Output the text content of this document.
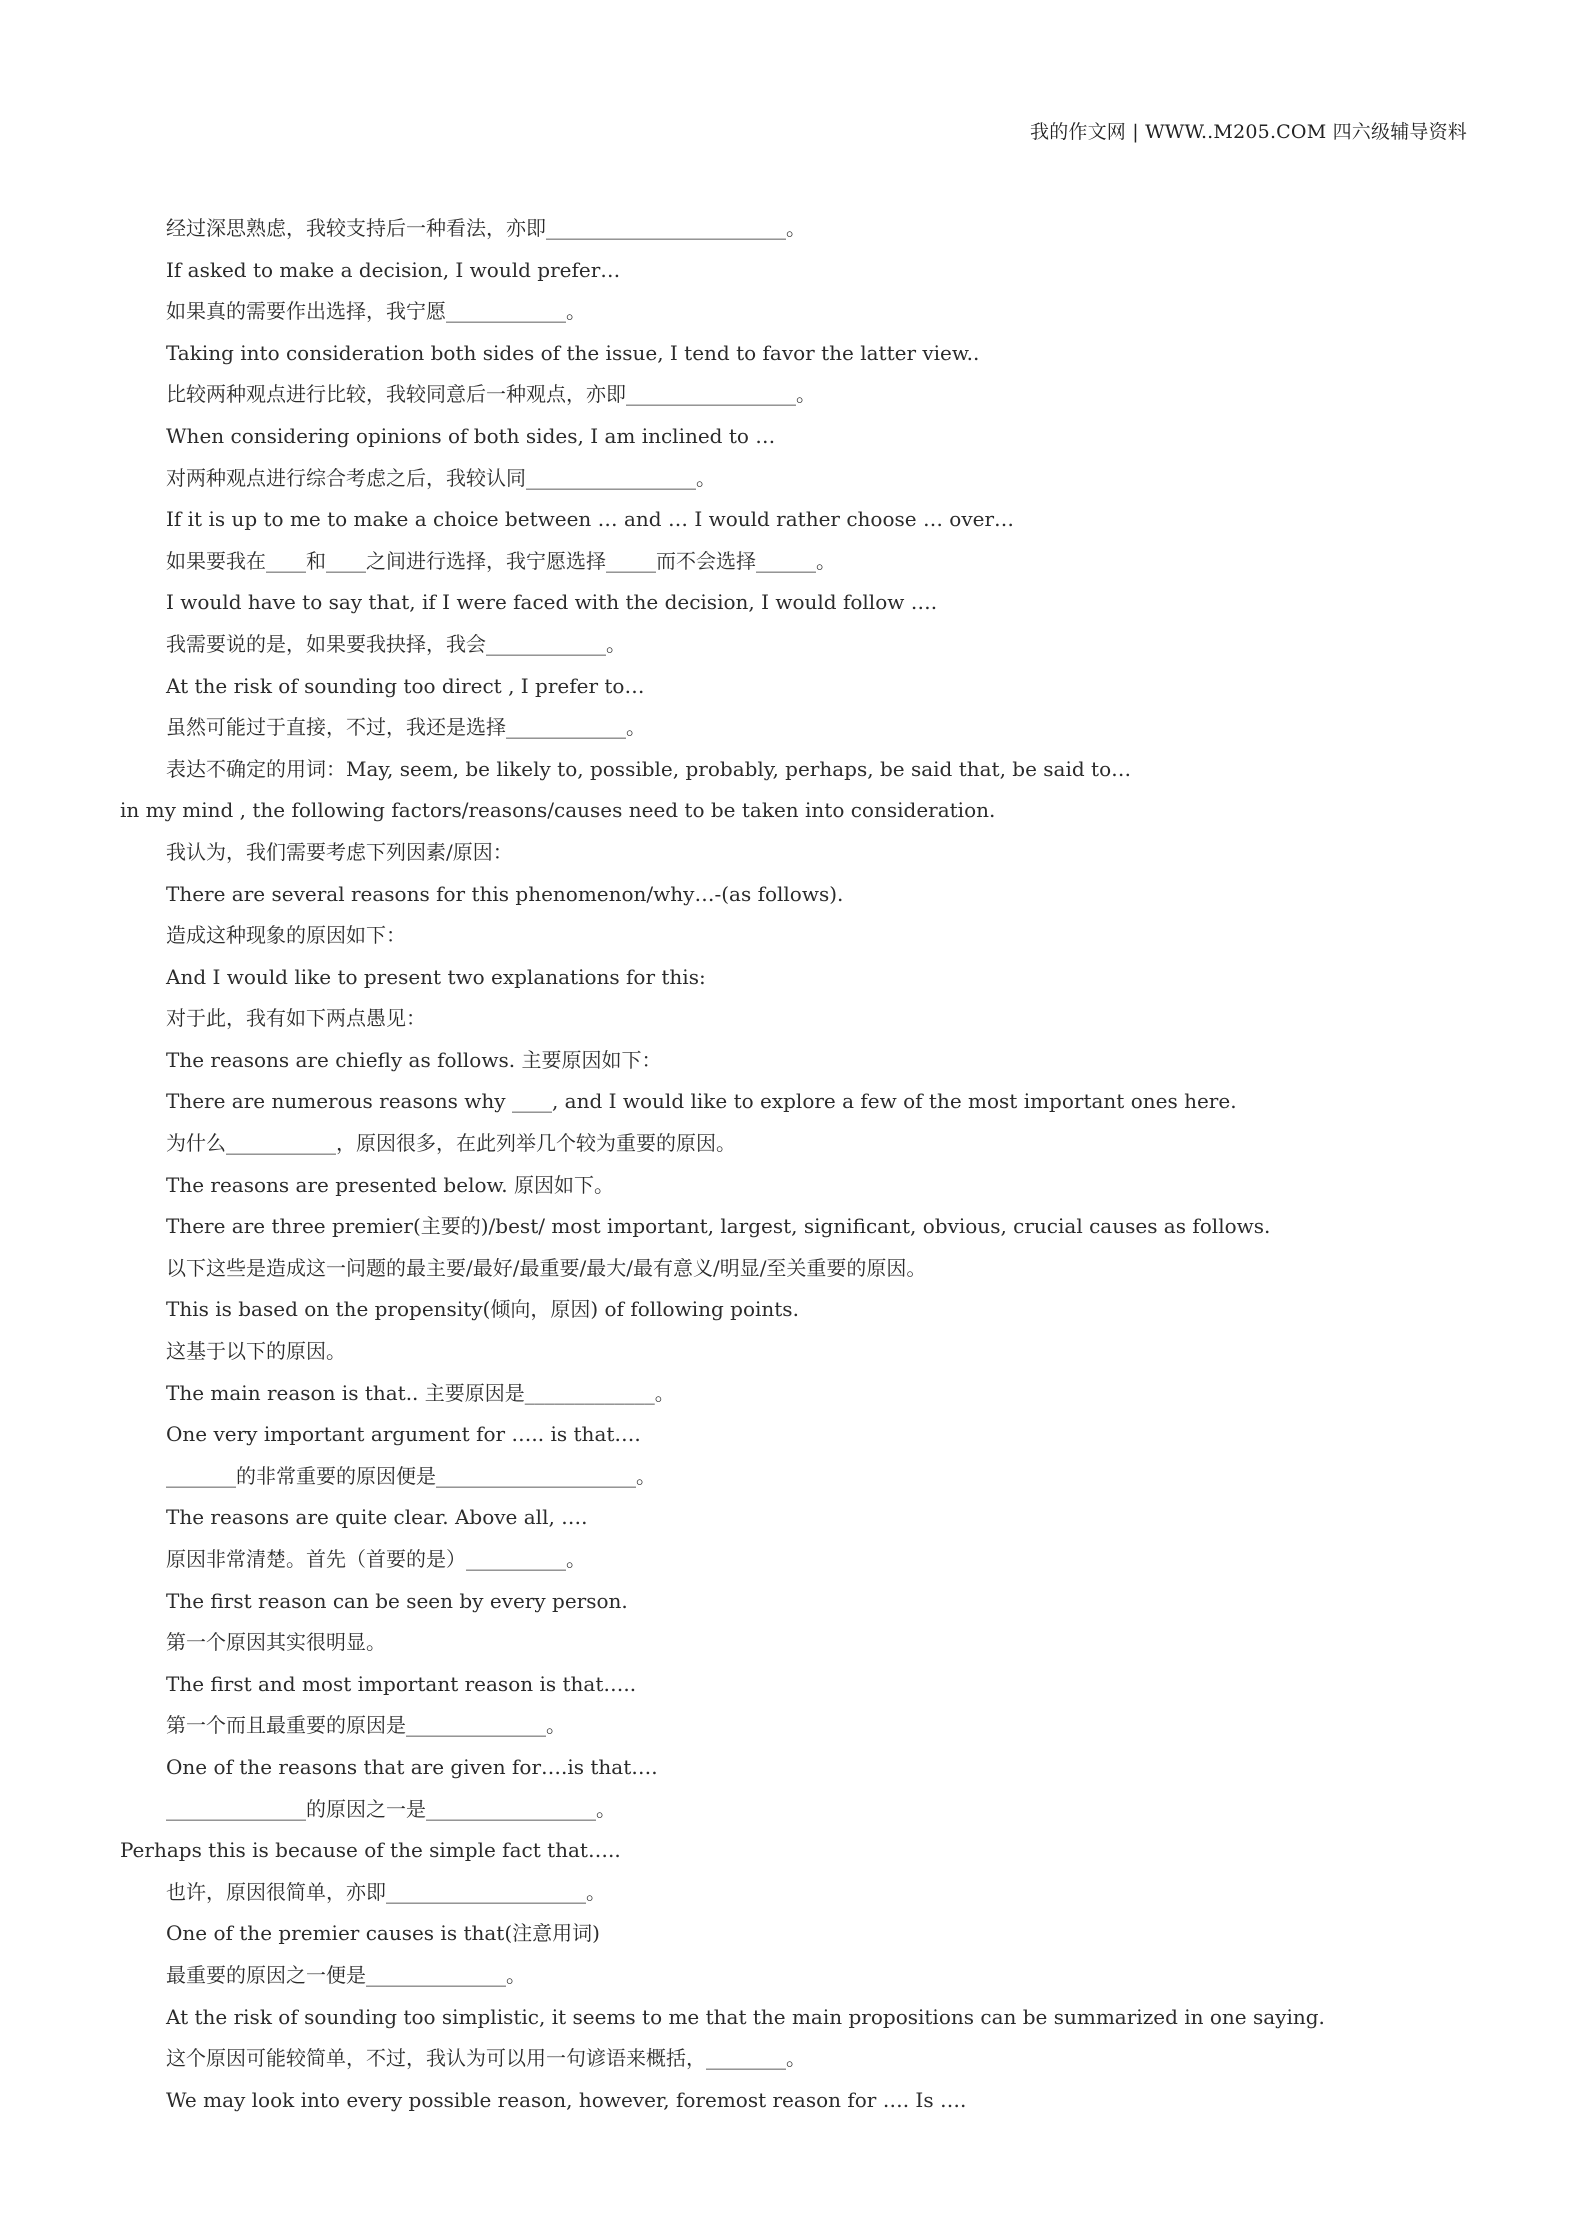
我的作文网 | WWW..M205.COM 四六级辅导资料
经过深思熟虑，我较支持后一种看法，亦即________________________。
If asked to make a decision, I would prefer…
如果真的需要作出选择，我宁愿____________。
Taking into consideration both sides of the issue, I tend to favor the latter view..
比较两种观点进行比较，我较同意后一种观点，亦即_________________。
When considering opinions of both sides, I am inclined to …
对两种观点进行综合考虑之后，我较认同_________________。
If it is up to me to make a choice between … and … I would rather choose … over…
如果要我在____和____之间进行选择，我宁愿选择_____而不会选择______。
I would have to say that, if I were faced with the decision, I would follow ….
我需要说的是，如果要我抉择，我会____________。
At the risk of sounding too direct , I prefer to…
虽然可能过于直接，不过，我还是选择____________。
表达不确定的用词：May, seem, be likely to, possible, probably, perhaps, be said that, be said to…
in my mind , the following factors/reasons/causes need to be taken into consideration.
我认为，我们需要考虑下列因素/原因：
There are several reasons for this phenomenon/why…-(as follows).
造成这种现象的原因如下：
And I would like to present two explanations for this:
对于此，我有如下两点愚见：
The reasons are chiefly as follows. 主要原因如下：
There are numerous reasons why ____, and I would like to explore a few of the most important ones here.
为什么___________，原因很多，在此列举几个较为重要的原因。
The reasons are presented below. 原因如下。
There are three premier(主要的)/best/ most important, largest, significant, obvious, crucial causes as follows.
以下这些是造成这一问题的最主要/最好/最重要/最大/最有意义/明显/至关重要的原因。
This is based on the propensity(倾向，原因) of following points.
这基于以下的原因。
The main reason is that.. 主要原因是_____________。
One very important argument for ….. is that….
_______的非常重要的原因便是____________________。
The reasons are quite clear. Above all, ….
原因非常清楚。首先（首要的是）__________。
The first reason can be seen by every person.
第一个原因其实很明显。
The first and most important reason is that…..
第一个而且最重要的原因是______________。
One of the reasons that are given for….is that….
______________的原因之一是_________________。
Perhaps this is because of the simple fact that…..
也许，原因很简单，亦即____________________。
One of the premier causes is that(注意用词)
最重要的原因之一便是______________。
At the risk of sounding too simplistic, it seems to me that the main propositions can be summarized in one saying.
这个原因可能较简单，不过，我认为可以用一句谚语来概括，________。
We may look into every possible reason, however, foremost reason for …. Is ….
